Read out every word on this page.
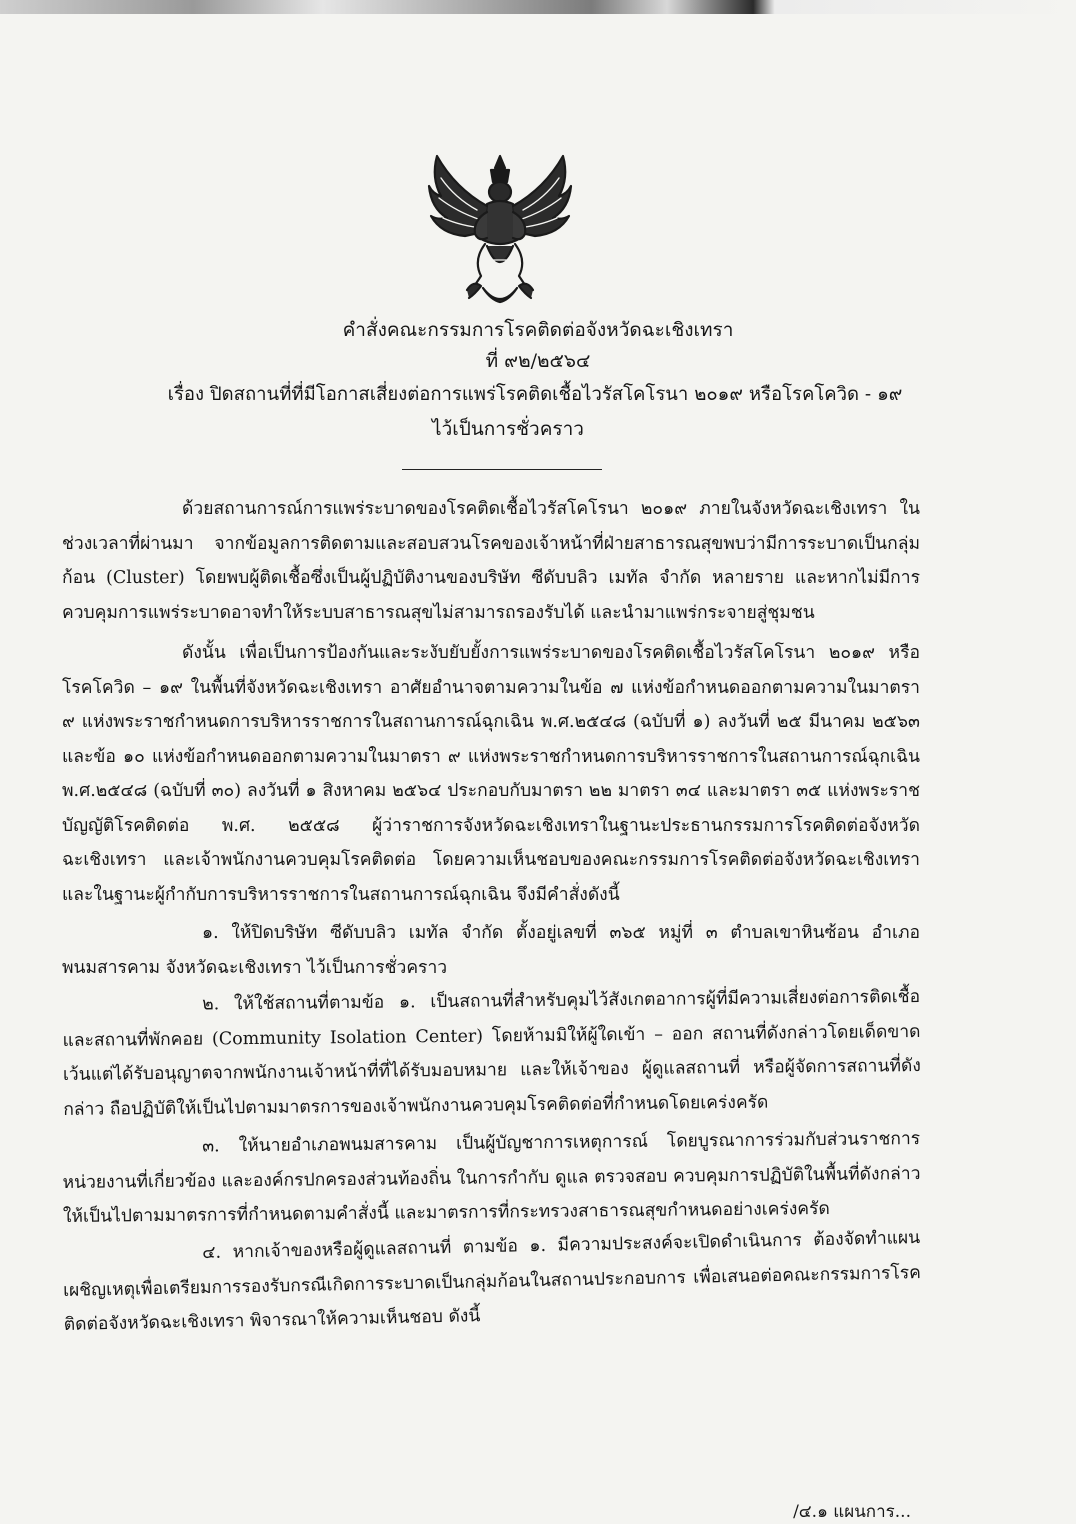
คำสั่งคณะกรรมการโรคติดต่อจังหวัดฉะเชิงเทรา
ที่ ๙๒/๒๕๖๔
เรื่อง ปิดสถานที่ที่มีโอกาสเสี่ยงต่อการแพร่โรคติดเชื้อไวรัสโคโรนา ๒๐๑๙ หรือโรคโควิด - ๑๙
ไว้เป็นการชั่วคราว

ด้วยสถานการณ์การแพร่ระบาดของโรคติดเชื้อไวรัสโคโรนา ๒๐๑๙ ภายในจังหวัดฉะเชิงเทรา ในช่วงเวลาที่ผ่านมา จากข้อมูลการติดตามและสอบสวนโรคของเจ้าหน้าที่ฝ่ายสาธารณสุขพบว่ามีการระบาดเป็นกลุ่มก้อน (Cluster) โดยพบผู้ติดเชื้อซึ่งเป็นผู้ปฏิบัติงานของบริษัท ซีดับบลิว เมทัล จำกัด หลายราย และหากไม่มีการควบคุมการแพร่ระบาดอาจทำให้ระบบสาธารณสุขไม่สามารถรองรับได้ และนำมาแพร่กระจายสู่ชุมชน

ดังนั้น เพื่อเป็นการป้องกันและระงับยับยั้งการแพร่ระบาดของโรคติดเชื้อไวรัสโคโรนา ๒๐๑๙ หรือโรคโควิด – ๑๙ ในพื้นที่จังหวัดฉะเชิงเทรา อาศัยอำนาจตามความในข้อ ๗ แห่งข้อกำหนดออกตามความในมาตรา ๙ แห่งพระราชกำหนดการบริหารราชการในสถานการณ์ฉุกเฉิน พ.ศ.๒๕๔๘ (ฉบับที่ ๑) ลงวันที่ ๒๕ มีนาคม ๒๕๖๓ และข้อ ๑๐ แห่งข้อกำหนดออกตามความในมาตรา ๙ แห่งพระราชกำหนดการบริหารราชการในสถานการณ์ฉุกเฉิน พ.ศ.๒๕๔๘ (ฉบับที่ ๓๐) ลงวันที่ ๑ สิงหาคม ๒๕๖๔ ประกอบกับมาตรา ๒๒ มาตรา ๓๔ และมาตรา ๓๕ แห่งพระราชบัญญัติโรคติดต่อ พ.ศ. ๒๕๕๘ ผู้ว่าราชการจังหวัดฉะเชิงเทราในฐานะประธานกรรมการโรคติดต่อจังหวัดฉะเชิงเทรา และเจ้าพนักงานควบคุมโรคติดต่อ โดยความเห็นชอบของคณะกรรมการโรคติดต่อจังหวัดฉะเชิงเทรา และในฐานะผู้กำกับการบริหารราชการในสถานการณ์ฉุกเฉิน จึงมีคำสั่งดังนี้

๑. ให้ปิดบริษัท ซีดับบลิว เมทัล จำกัด ตั้งอยู่เลขที่ ๓๖๕ หมู่ที่ ๓ ตำบลเขาหินซ้อน อำเภอพนมสารคาม จังหวัดฉะเชิงเทรา ไว้เป็นการชั่วคราว

๒. ให้ใช้สถานที่ตามข้อ ๑. เป็นสถานที่สำหรับคุมไว้สังเกตอาการผู้ที่มีความเสี่ยงต่อการติดเชื้อและสถานที่พักคอย (Community Isolation Center) โดยห้ามมิให้ผู้ใดเข้า – ออก สถานที่ดังกล่าวโดยเด็ดขาด เว้นแต่ได้รับอนุญาตจากพนักงานเจ้าหน้าที่ที่ได้รับมอบหมาย และให้เจ้าของ ผู้ดูแลสถานที่ หรือผู้จัดการสถานที่ดังกล่าว ถือปฏิบัติให้เป็นไปตามมาตรการของเจ้าพนักงานควบคุมโรคติดต่อที่กำหนดโดยเคร่งครัด

๓. ให้นายอำเภอพนมสารคาม เป็นผู้บัญชาการเหตุการณ์ โดยบูรณาการร่วมกับส่วนราชการ หน่วยงานที่เกี่ยวข้อง และองค์กรปกครองส่วนท้องถิ่น ในการกำกับ ดูแล ตรวจสอบ ควบคุมการปฏิบัติในพื้นที่ดังกล่าวให้เป็นไปตามมาตรการที่กำหนดตามคำสั่งนี้ และมาตรการที่กระทรวงสาธารณสุขกำหนดอย่างเคร่งครัด

๔. หากเจ้าของหรือผู้ดูแลสถานที่ ตามข้อ ๑. มีความประสงค์จะเปิดดำเนินการ ต้องจัดทำแผนเผชิญเหตุเพื่อเตรียมการรองรับกรณีเกิดการระบาดเป็นกลุ่มก้อนในสถานประกอบการ เพื่อเสนอต่อคณะกรรมการโรคติดต่อจังหวัดฉะเชิงเทรา พิจารณาให้ความเห็นชอบ ดังนี้

/๔.๑ แผนการ...
